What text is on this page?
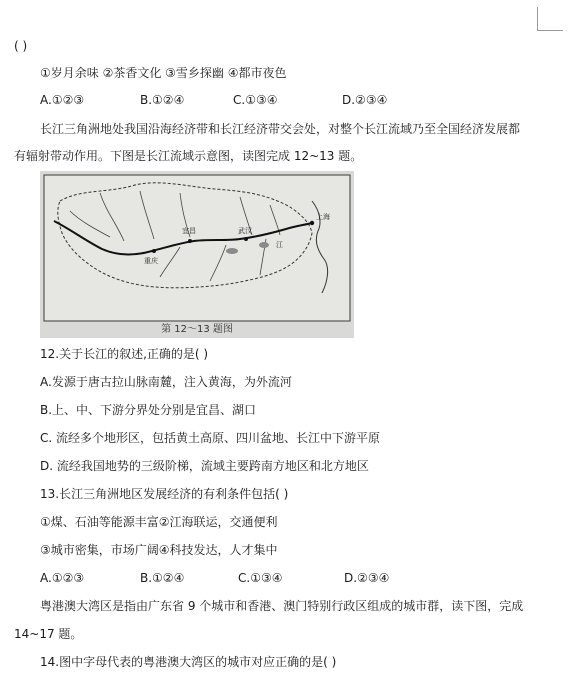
( )
①岁月余味 ②茶香文化 ③雪乡探幽 ④都市夜色
A.①②③	B.①②④	C.①③④	D.②③④
长江三角洲地处我国沿海经济带和长江经济带交会处，对整个长江流域乃至全国经济发展都
有辐射带动作用。下图是长江流域示意图，读图完成 12~13 题。
上海
重庆
宜昌	武汉
江
第 12～13 题图
12.关于长江的叙述,正确的是( )
A.发源于唐古拉山脉南麓，注入黄海，为外流河
B.上、中、下游分界处分别是宜昌、湖口
C. 流经多个地形区，包括黄土高原、四川盆地、长江中下游平原
D. 流经我国地势的三级阶梯，流域主要跨南方地区和北方地区
13.长江三角洲地区发展经济的有利条件包括( )
①煤、石油等能源丰富②江海联运，交通便利
③城市密集，市场广阔④科技发达，人才集中
A.①②③	B.①②④	C.①③④	D.②③④
粤港澳大湾区是指由广东省 9 个城市和香港、澳门特别行政区组成的城市群，读下图，完成
14~17 题。
14.图中字母代表的粤港澳大湾区的城市对应正确的是( )
